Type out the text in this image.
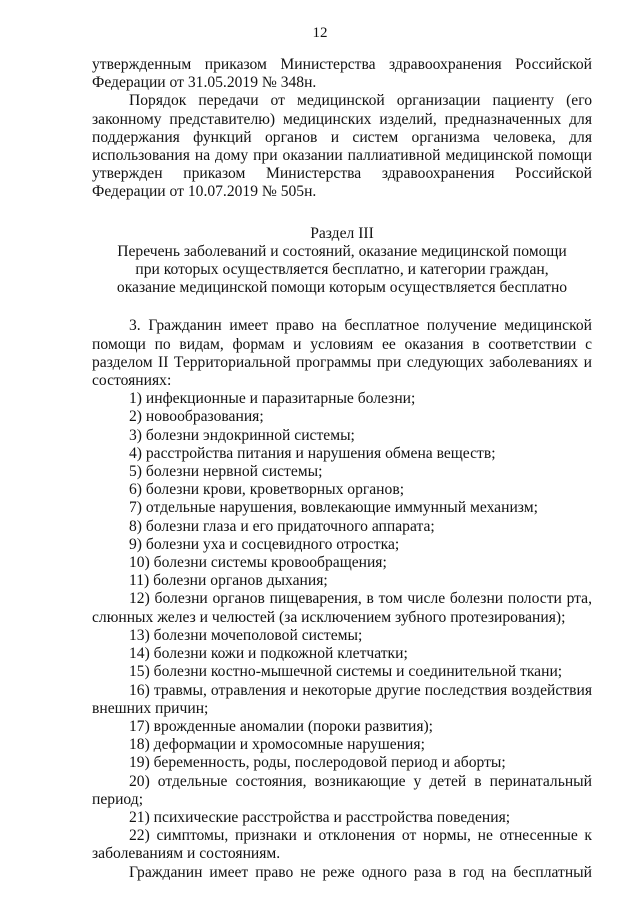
12

утвержденным приказом Министерства здравоохранения Российской Федерации от 31.05.2019 № 348н.

Порядок передачи от медицинской организации пациенту (его законному представителю) медицинских изделий, предназначенных для поддержания функций органов и систем организма человека, для использования на дому при оказании паллиативной медицинской помощи утвержден приказом Министерства здравоохранения Российской Федерации от 10.07.2019 № 505н.

Раздел III

Перечень заболеваний и состояний, оказание медицинской помощи при которых осуществляется бесплатно, и категории граждан, оказание медицинской помощи которым осуществляется бесплатно

3. Гражданин имеет право на бесплатное получение медицинской помощи по видам, формам и условиям ее оказания в соответствии с разделом II Территориальной программы при следующих заболеваниях и состояниях:

1) инфекционные и паразитарные болезни;

2) новообразования;

3) болезни эндокринной системы;

4) расстройства питания и нарушения обмена веществ;

5) болезни нервной системы;

6) болезни крови, кроветворных органов;

7) отдельные нарушения, вовлекающие иммунный механизм;

8) болезни глаза и его придаточного аппарата;

9) болезни уха и сосцевидного отростка;

10) болезни системы кровообращения;

11) болезни органов дыхания;

12) болезни органов пищеварения, в том числе болезни полости рта, слюнных желез и челюстей (за исключением зубного протезирования);

13) болезни мочеполовой системы;

14) болезни кожи и подкожной клетчатки;

15) болезни костно-мышечной системы и соединительной ткани;

16) травмы, отравления и некоторые другие последствия воздействия внешних причин;

17) врожденные аномалии (пороки развития);

18) деформации и хромосомные нарушения;

19) беременность, роды, послеродовой период и аборты;

20) отдельные состояния, возникающие у детей в перинатальный период;

21) психические расстройства и расстройства поведения;

22) симптомы, признаки и отклонения от нормы, не отнесенные к заболеваниям и состояниям.

Гражданин имеет право не реже одного раза в год на бесплатный
